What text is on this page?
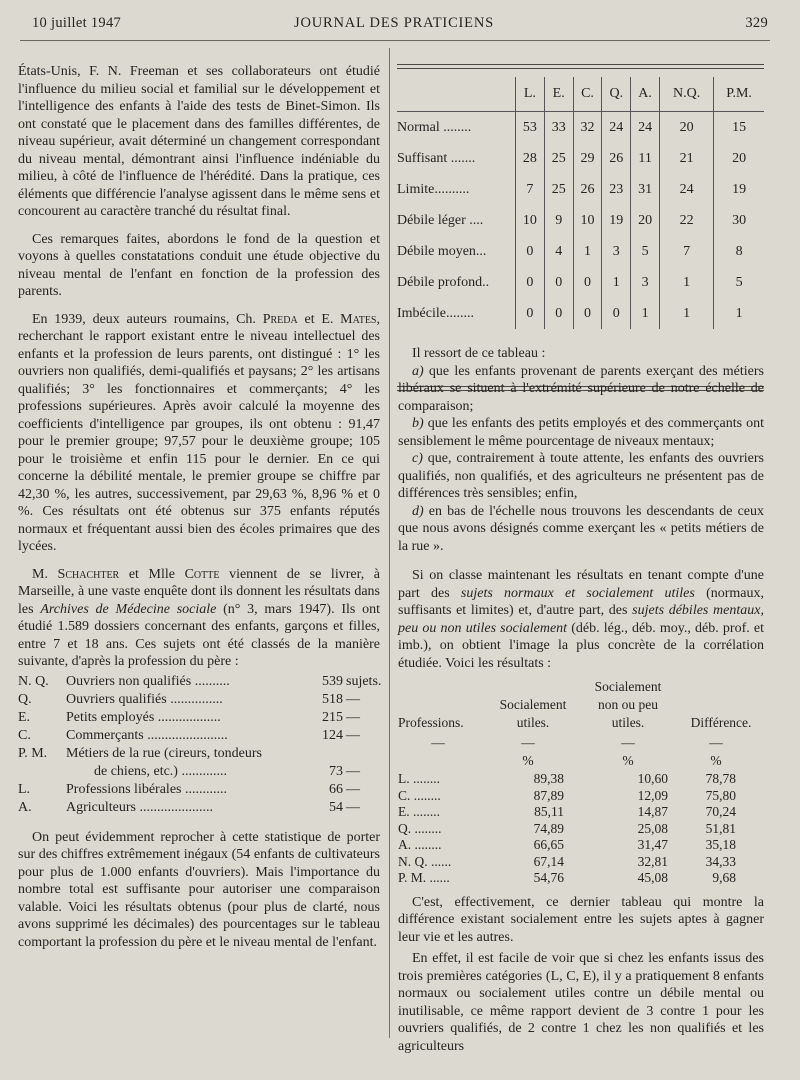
10 juillet 1947	JOURNAL DES PRATICIENS	329

États-Unis, F. N. Freeman et ses collaborateurs ont étudié l'influence du milieu social et familial sur le développement et l'intelligence des enfants à l'aide des tests de Binet-Simon. Ils ont constaté que le placement dans des familles différentes, de niveau supérieur, avait déterminé un changement correspondant du niveau mental, démontrant ainsi l'influence indéniable du milieu, à côté de l'influence de l'hérédité. Dans la pratique, ces éléments que différencie l'analyse agissent dans le même sens et concourent au caractère tranché du résultat final.

Ces remarques faites, abordons le fond de la question et voyons à quelles constatations conduit une étude objective du niveau mental de l'enfant en fonction de la profession des parents.

En 1939, deux auteurs roumains, Ch. Preda et E. Mates, recherchant le rapport existant entre le niveau intellectuel des enfants et la profession de leurs parents, ont distingué : 1° les ouvriers non qualifiés, demi-qualifiés et paysans; 2° les artisans qualifiés; 3° les fonctionnaires et commerçants; 4° les professions supérieures. Après avoir calculé la moyenne des coefficients d'intelligence par groupes, ils ont obtenu : 91,47 pour le premier groupe; 97,57 pour le deuxième groupe; 105 pour le troisième et enfin 115 pour le dernier. En ce qui concerne la débilité mentale, le premier groupe se chiffre par 42,30 %, les autres, successivement, par 29,63 %, 8,96 % et 0 %. Ces résultats ont été obtenus sur 375 enfants réputés normaux et fréquentant aussi bien des écoles primaires que des lycées.

M. Schachter et Mlle Cotte viennent de se livrer, à Marseille, à une vaste enquête dont ils donnent les résultats dans les Archives de Médecine sociale (n° 3, mars 1947). Ils ont étudié 1.589 dossiers concernant des enfants, garçons et filles, entre 7 et 18 ans. Ces sujets ont été classés de la manière suivante, d'après la profession du père :

N. Q.	Ouvriers non qualifiés ..........	539 sujets.
Q.	Ouvriers qualifiés ...............	518 —
E.	Petits employés ..................	215 —
C.	Commerçants .......................	124 —
P. M.	Métiers de la rue (cireurs, tondeurs
de chiens, etc.) .............	73 —
L.	Professions libérales ............	66 —
A.	Agriculteurs .....................	54 —

On peut évidemment reprocher à cette statistique de porter sur des chiffres extrêmement inégaux (54 enfants de cultivateurs pour plus de 1.000 enfants d'ouvriers). Mais l'importance du nombre total est suffisante pour autoriser une comparaison valable. Voici les résultats obtenus (pour plus de clarté, nous avons supprimé les décimales) des pourcentages sur le tableau comportant la profession du père et le niveau mental de l'enfant.

	L.	E.	C.	Q.	A.	N.Q.	P.M.
Normal ........	53	33	32	24	24	20	15
Suffisant .......	28	25	29	26	11	21	20
Limite..........	7	25	26	23	31	24	19
Débile léger ....	10	9	10	19	20	22	30
Débile moyen...	0	4	1	3	5	7	8
Débile profond..	0	0	0	1	3	1	5
Imbécile........	0	0	0	0	1	1	1

Il ressort de ce tableau :

a) que les enfants provenant de parents exerçant des métiers libéraux se situent à l'extrémité supérieure de notre échelle de comparaison;

b) que les enfants des petits employés et des commerçants ont sensiblement le même pourcentage de niveaux mentaux;

c) que, contrairement à toute attente, les enfants des ouvriers qualifiés, non qualifiés, et des agriculteurs ne présentent pas de différences très sensibles; enfin,

d) en bas de l'échelle nous trouvons les descendants de ceux que nous avons désignés comme exerçant les « petits métiers de la rue ».

Si on classe maintenant les résultats en tenant compte d'une part des sujets normaux et socialement utiles (normaux, suffisants et limites) et, d'autre part, des sujets débiles mentaux, peu ou non utiles socialement (déb. lég., déb. moy., déb. prof. et imb.), on obtient l'image la plus concrète de la corrélation étudiée. Voici les résultats :

Professions.
Socialement
utiles.
Socialement
non ou peu
utiles.	Différence.
—	—	—	—
%	%	%
L. ........	89,38	10,60	78,78
C. ........	87,89	12,09	75,80
E. ........	85,11	14,87	70,24
Q. ........	74,89	25,08	51,81
A. ........	66,65	31,47	35,18
N. Q. ......	67,14	32,81	34,33
P. M. ......	54,76	45,08	9,68

C'est, effectivement, ce dernier tableau qui montre la différence existant socialement entre les sujets aptes à gagner leur vie et les autres.

En effet, il est facile de voir que si chez les enfants issus des trois premières catégories (L, C, E), il y a pratiquement 8 enfants normaux ou socialement utiles contre un débile mental ou inutilisable, ce même rapport devient de 3 contre 1 pour les ouvriers qualifiés, de 2 contre 1 chez les non qualifiés et les agriculteurs
